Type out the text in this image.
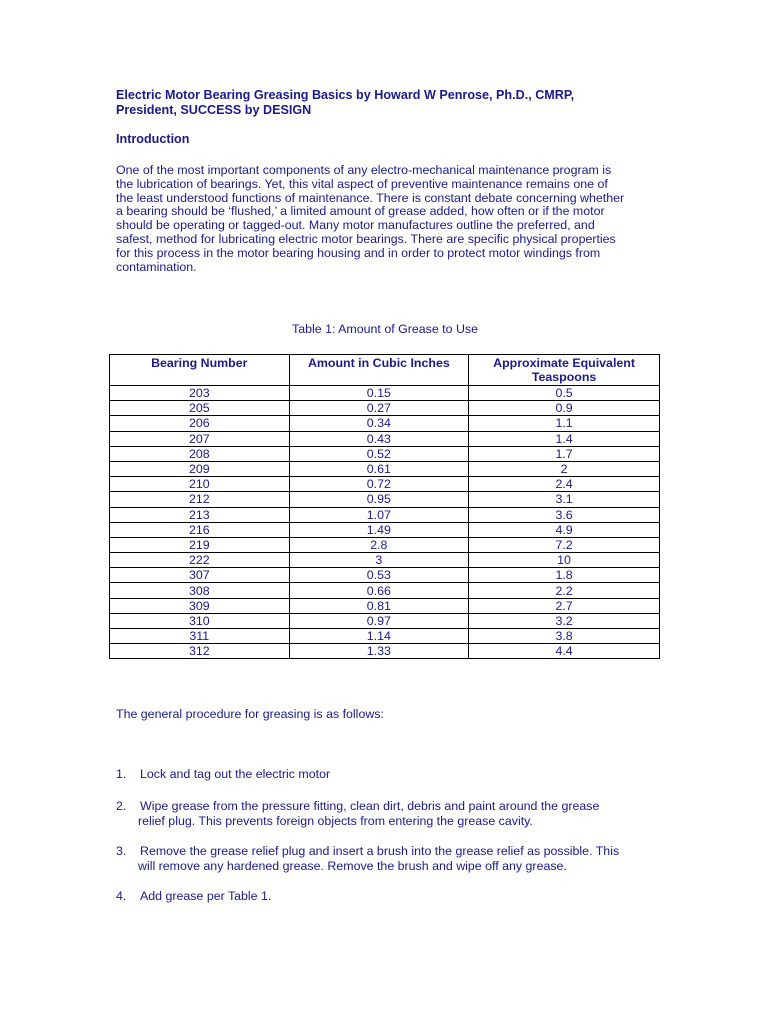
Electric Motor Bearing Greasing Basics by Howard W Penrose, Ph.D., CMRP,
President, SUCCESS by DESIGN
Introduction
One of the most important components of any electro-mechanical maintenance program is
the lubrication of bearings. Yet, this vital aspect of preventive maintenance remains one of
the least understood functions of maintenance. There is constant debate concerning whether
a bearing should be ‘flushed,’ a limited amount of grease added, how often or if the motor
should be operating or tagged-out. Many motor manufactures outline the preferred, and
safest, method for lubricating electric motor bearings. There are specific physical properties
for this process in the motor bearing housing and in order to protect motor windings from
contamination.
Table 1: Amount of Grease to Use
Bearing Number	Amount in Cubic Inches	Approximate Equivalent Teaspoons

203	0.15	0.5
205	0.27	0.9
206	0.34	1.1
207	0.43	1.4
208	0.52	1.7
209	0.61	2
210	0.72	2.4
212	0.95	3.1
213	1.07	3.6
216	1.49	4.9
219	2.8	7.2
222	3	10
307	0.53	1.8
308	0.66	2.2
309	0.81	2.7
310	0.97	3.2
311	1.14	3.8
312	1.33	4.4
The general procedure for greasing is as follows:
1. Lock and tag out the electric motor
2. Wipe grease from the pressure fitting, clean dirt, debris and paint around the grease
relief plug. This prevents foreign objects from entering the grease cavity.
3. Remove the grease relief plug and insert a brush into the grease relief as possible. This
will remove any hardened grease. Remove the brush and wipe off any grease.
4. Add grease per Table 1.
